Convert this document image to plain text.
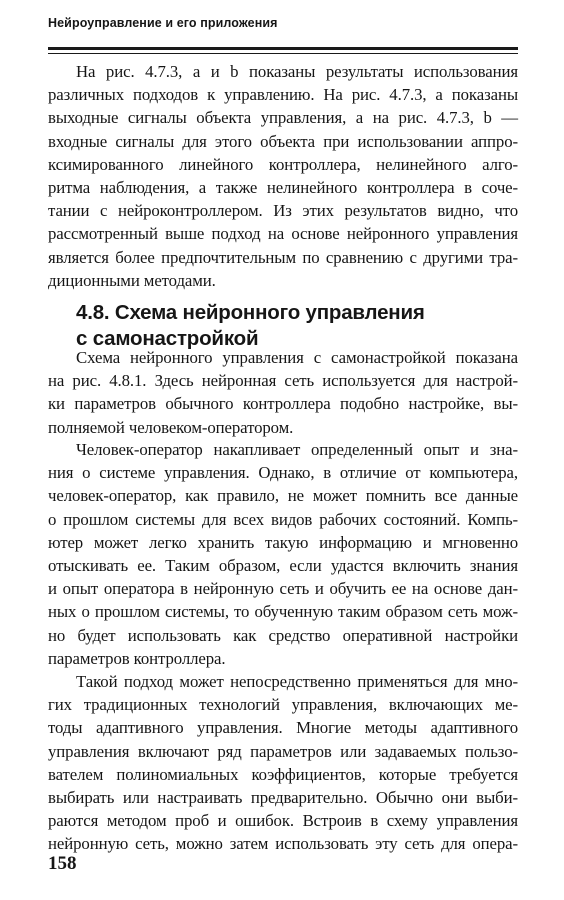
Нейроуправление и его приложения
На рис. 4.7.3, a и b показаны результаты использования
различных подходов к управлению. На рис. 4.7.3, a показаны
выходные сигналы объекта управления, а на рис. 4.7.3, b —
входные сигналы для этого объекта при использовании аппро-
ксимированного линейного контроллера, нелинейного алго-
ритма наблюдения, а также нелинейного контроллера в соче-
тании с нейроконтроллером. Из этих результатов видно, что
рассмотренный выше подход на основе нейронного управления
является более предпочтительным по сравнению с другими тра-
диционными методами.
4.8. Схема нейронного управления
с самонастройкой
Схема нейронного управления с самонастройкой показана
на рис. 4.8.1. Здесь нейронная сеть используется для настрой-
ки параметров обычного контроллера подобно настройке, вы-
полняемой человеком-оператором.
Человек-оператор накапливает определенный опыт и зна-
ния о системе управления. Однако, в отличие от компьютера,
человек-оператор, как правило, не может помнить все данные
о прошлом системы для всех видов рабочих состояний. Компь-
ютер может легко хранить такую информацию и мгновенно
отыскивать ее. Таким образом, если удастся включить знания
и опыт оператора в нейронную сеть и обучить ее на основе дан-
ных о прошлом системы, то обученную таким образом сеть мож-
но будет использовать как средство оперативной настройки
параметров контроллера.
Такой подход может непосредственно применяться для мно-
гих традиционных технологий управления, включающих ме-
тоды адаптивного управления. Многие методы адаптивного
управления включают ряд параметров или задаваемых пользо-
вателем полиномиальных коэффициентов, которые требуется
выбирать или настраивать предварительно. Обычно они выби-
раются методом проб и ошибок. Встроив в схему управления
нейронную сеть, можно затем использовать эту сеть для опера-
158
